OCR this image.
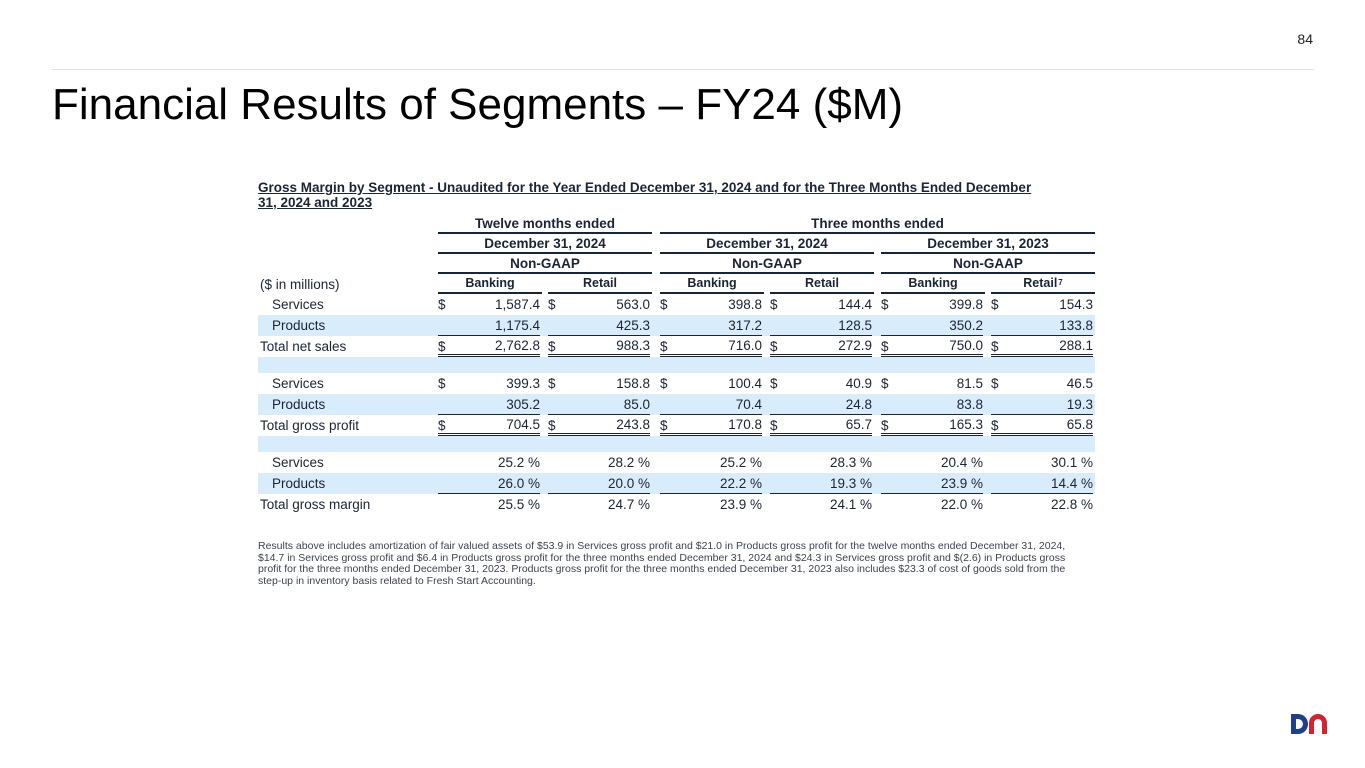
84
Financial Results of Segments – FY24 ($M)
Gross Margin by Segment - Unaudited for the Year Ended December 31, 2024 and for the Three Months Ended December 31, 2024 and 2023
Twelve months ended	Three months ended
December 31, 2024	December 31, 2024	December 31, 2023
Non-GAAP	Non-GAAP	Non-GAAP
($ in millions)	Banking	Retail	Banking	Retail	Banking	Retail 7
Services	$	1,587.4 $	563.0 $	398.8 $	144.4 $	399.8 $	154.3
Products	1,175.4	425.3	317.2	128.5	350.2	133.8
Total net sales	$	2,762.8 $	988.3 $	716.0 $	272.9 $	750.0 $	288.1
Services	$	399.3 $	158.8 $	100.4 $	40.9 $	81.5 $	46.5
Products	305.2	85.0	70.4	24.8	83.8	19.3
Total gross profit	$	704.5 $	243.8 $	170.8 $	65.7 $	165.3 $	65.8
Services	25.2 %	28.2 %	25.2 %	28.3 %	20.4 %	30.1 %
Products	26.0 %	20.0 %	22.2 %	19.3 %	23.9 %	14.4 %
Total gross margin	25.5 %	24.7 %	23.9 %	24.1 %	22.0 %	22.8 %
Results above includes amortization of fair valued assets of $53.9 in Services gross profit and $21.0 in Products gross profit for the twelve months ended December 31, 2024, $14.7 in Services gross profit and $6.4 in Products gross profit for the three months ended December 31, 2024 and $24.3 in Services gross profit and $(2.6) in Products gross profit for the three months ended December 31, 2023. Products gross profit for the three months ended December 31, 2023 also includes $23.3 of cost of goods sold from the step-up in inventory basis related to Fresh Start Accounting.
